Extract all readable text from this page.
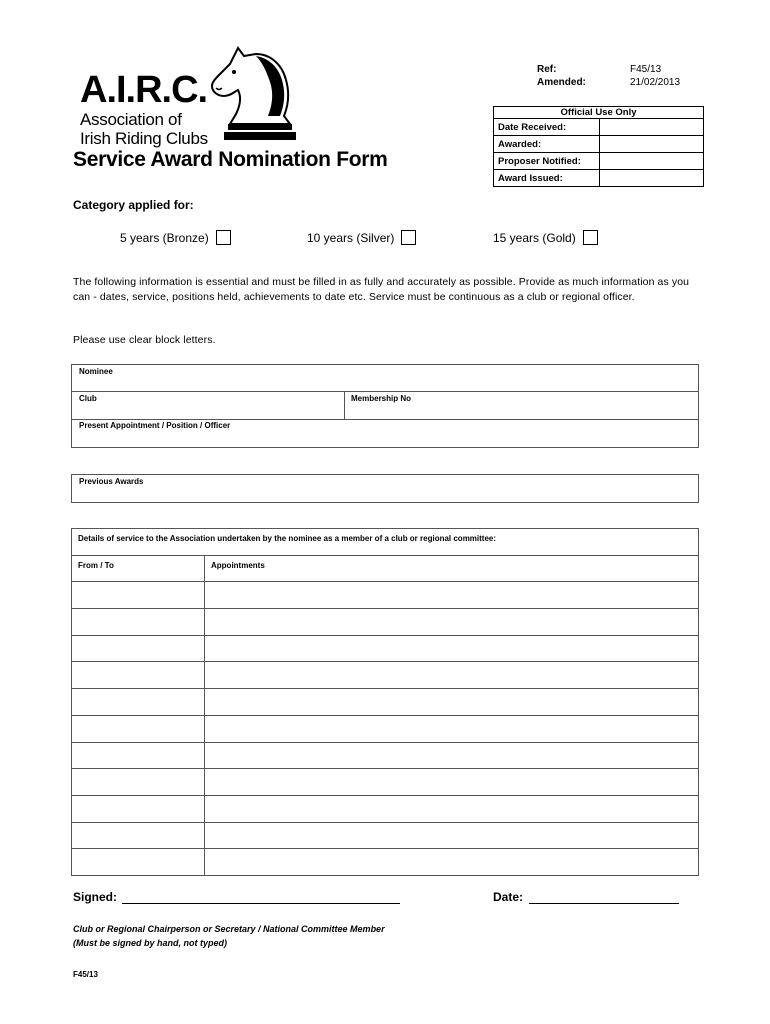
A.I.R.C.
Association of
Irish Riding Clubs
Ref:	F45/13
Amended:	21/02/2013
Official Use Only	
Date Received:	
Awarded:	
Proposer Notified:	
Award Issued:	
Service Award Nomination Form
Category applied for:
5 years (Bronze)	10 years (Silver)	15 years (Gold)
The following information is essential and must be filled in as fully and accurately as possible. Provide as much information as you can - dates, service, positions held, achievements to date etc. Service must be continuous as a club or regional officer.
Please use clear block letters.
Nominee
Club	Membership No
Present Appointment / Position / Officer
Previous Awards
Details of service to the Association undertaken by the nominee as a member of a club or regional committee:	
From / To	Appointments

Signed:	Date:
Club or Regional Chairperson or Secretary / National Committee Member
(Must be signed by hand, not typed)
F45/13
